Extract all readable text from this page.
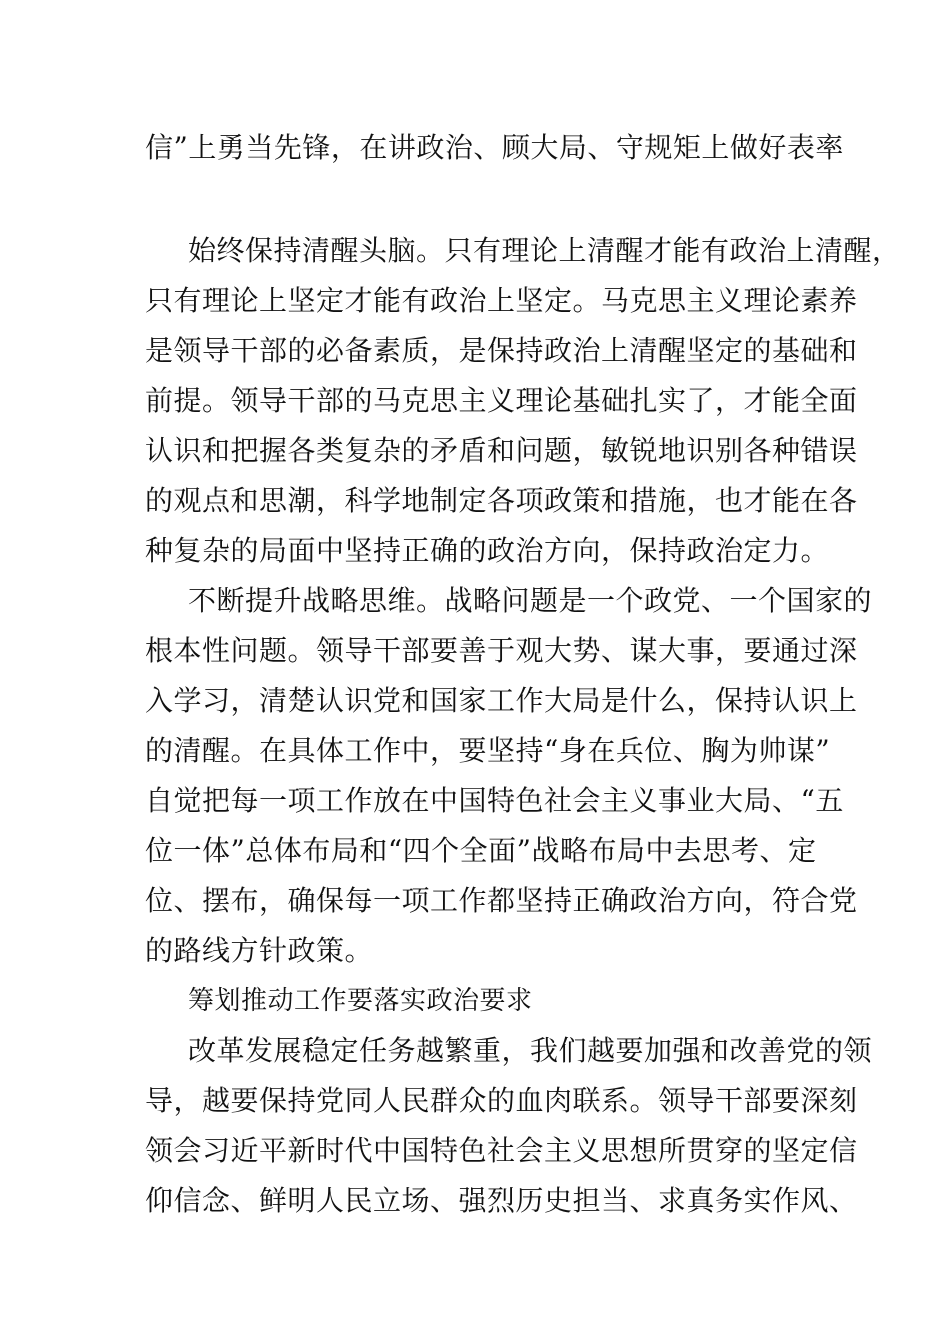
信”上勇当先锋，在讲政治、顾大局、守规矩上做好表率
始终保持清醒头脑。只有理论上清醒才能有政治上清醒，
只有理论上坚定才能有政治上坚定。马克思主义理论素养
是领导干部的必备素质，是保持政治上清醒坚定的基础和
前提。领导干部的马克思主义理论基础扎实了，才能全面
认识和把握各类复杂的矛盾和问题，敏锐地识别各种错误
的观点和思潮，科学地制定各项政策和措施，也才能在各
种复杂的局面中坚持正确的政治方向，保持政治定力。
不断提升战略思维。战略问题是一个政党、一个国家的
根本性问题。领导干部要善于观大势、谋大事，要通过深
入学习，清楚认识党和国家工作大局是什么，保持认识上
的清醒。在具体工作中，要坚持“身在兵位、胸为帅谋”
自觉把每一项工作放在中国特色社会主义事业大局、“五
位一体”总体布局和“四个全面”战略布局中去思考、定
位、摆布，确保每一项工作都坚持正确政治方向，符合党
的路线方针政策。
筹划推动工作要落实政治要求
改革发展稳定任务越繁重，我们越要加强和改善党的领
导，越要保持党同人民群众的血肉联系。领导干部要深刻
领会习近平新时代中国特色社会主义思想所贯穿的坚定信
仰信念、鲜明人民立场、强烈历史担当、求真务实作风、
